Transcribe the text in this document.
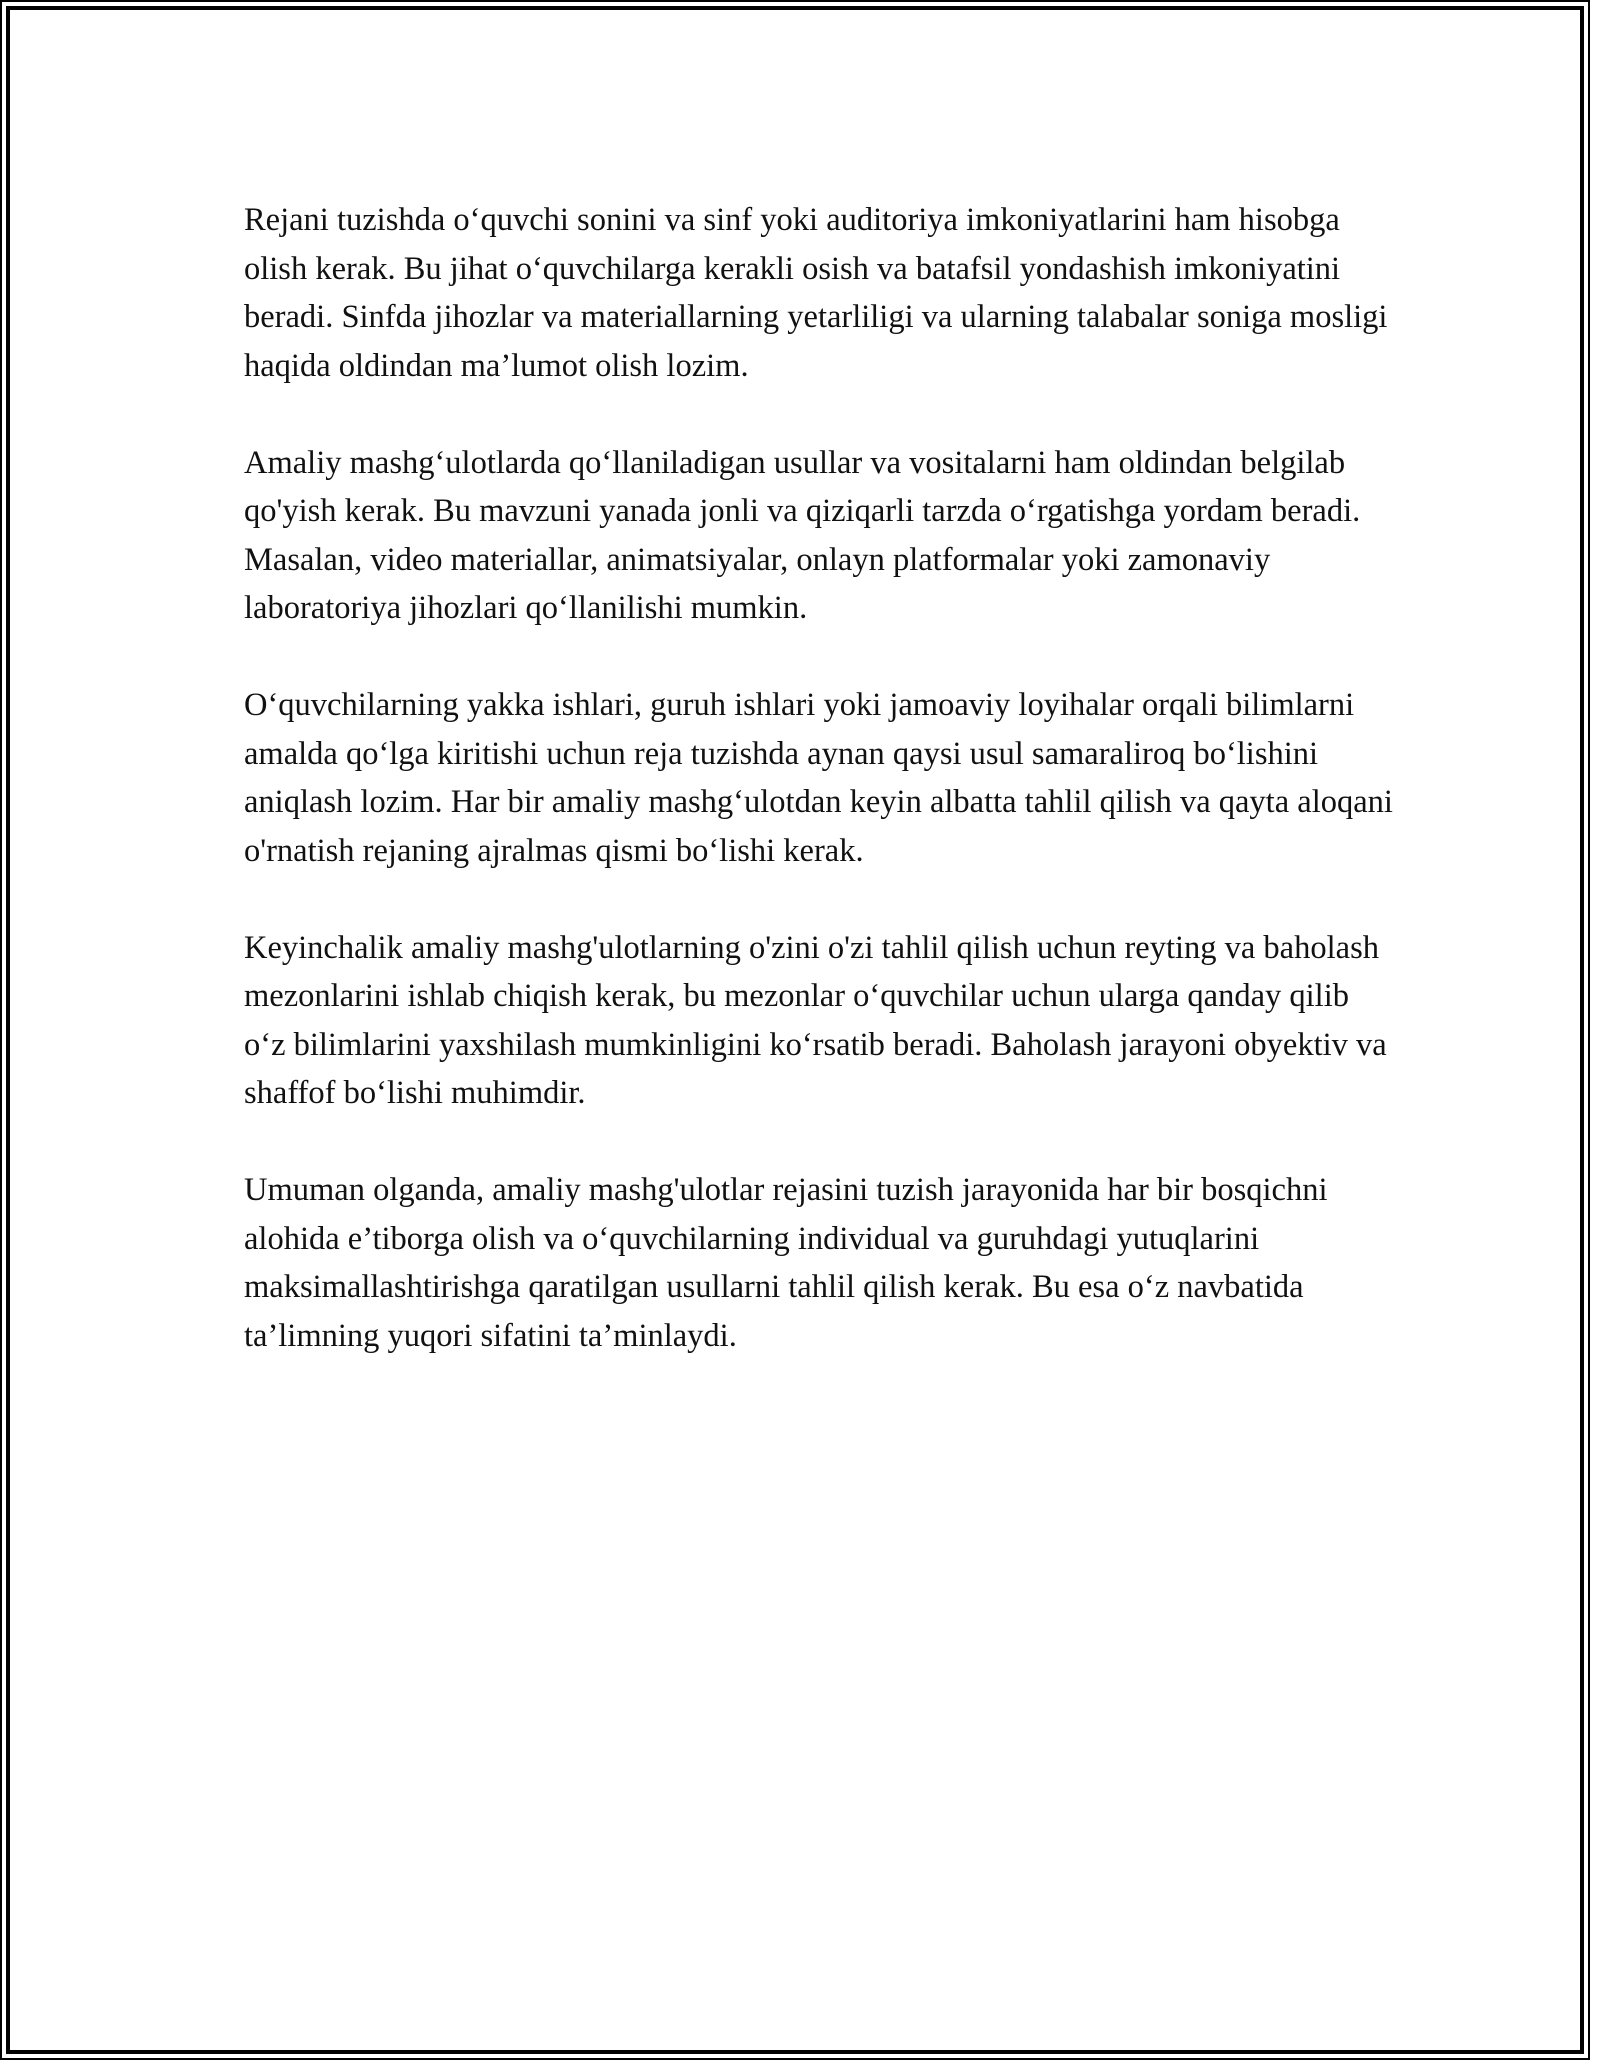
Rejani tuzishda o‘quvchi sonini va sinf yoki auditoriya imkoniyatlarini ham hisobga olish kerak. Bu jihat o‘quvchilarga kerakli osish va batafsil yondashish imkoniyatini beradi. Sinfda jihozlar va materiallarning yetarliligi va ularning talabalar soniga mosligi haqida oldindan ma’lumot olish lozim.

Amaliy mashg‘ulotlarda qo‘llaniladigan usullar va vositalarni ham oldindan belgilab qo'yish kerak. Bu mavzuni yanada jonli va qiziqarli tarzda o‘rgatishga yordam beradi. Masalan, video materiallar, animatsiyalar, onlayn platformalar yoki zamonaviy laboratoriya jihozlari qo‘llanilishi mumkin.

O‘quvchilarning yakka ishlari, guruh ishlari yoki jamoaviy loyihalar orqali bilimlarni amalda qo‘lga kiritishi uchun reja tuzishda aynan qaysi usul samaraliroq bo‘lishini aniqlash lozim. Har bir amaliy mashg‘ulotdan keyin albatta tahlil qilish va qayta aloqani o'rnatish rejaning ajralmas qismi bo‘lishi kerak.

Keyinchalik amaliy mashg'ulotlarning o'zini o'zi tahlil qilish uchun reyting va baholash mezonlarini ishlab chiqish kerak, bu mezonlar o‘quvchilar uchun ularga qanday qilib o‘z bilimlarini yaxshilash mumkinligini ko‘rsatib beradi. Baholash jarayoni obyektiv va shaffof bo‘lishi muhimdir.

Umuman olganda, amaliy mashg'ulotlar rejasini tuzish jarayonida har bir bosqichni alohida e’tiborga olish va o‘quvchilarning individual va guruhdagi yutuqlarini maksimallashtirishga qaratilgan usullarni tahlil qilish kerak. Bu esa o‘z navbatida ta’limning yuqori sifatini ta’minlaydi.
